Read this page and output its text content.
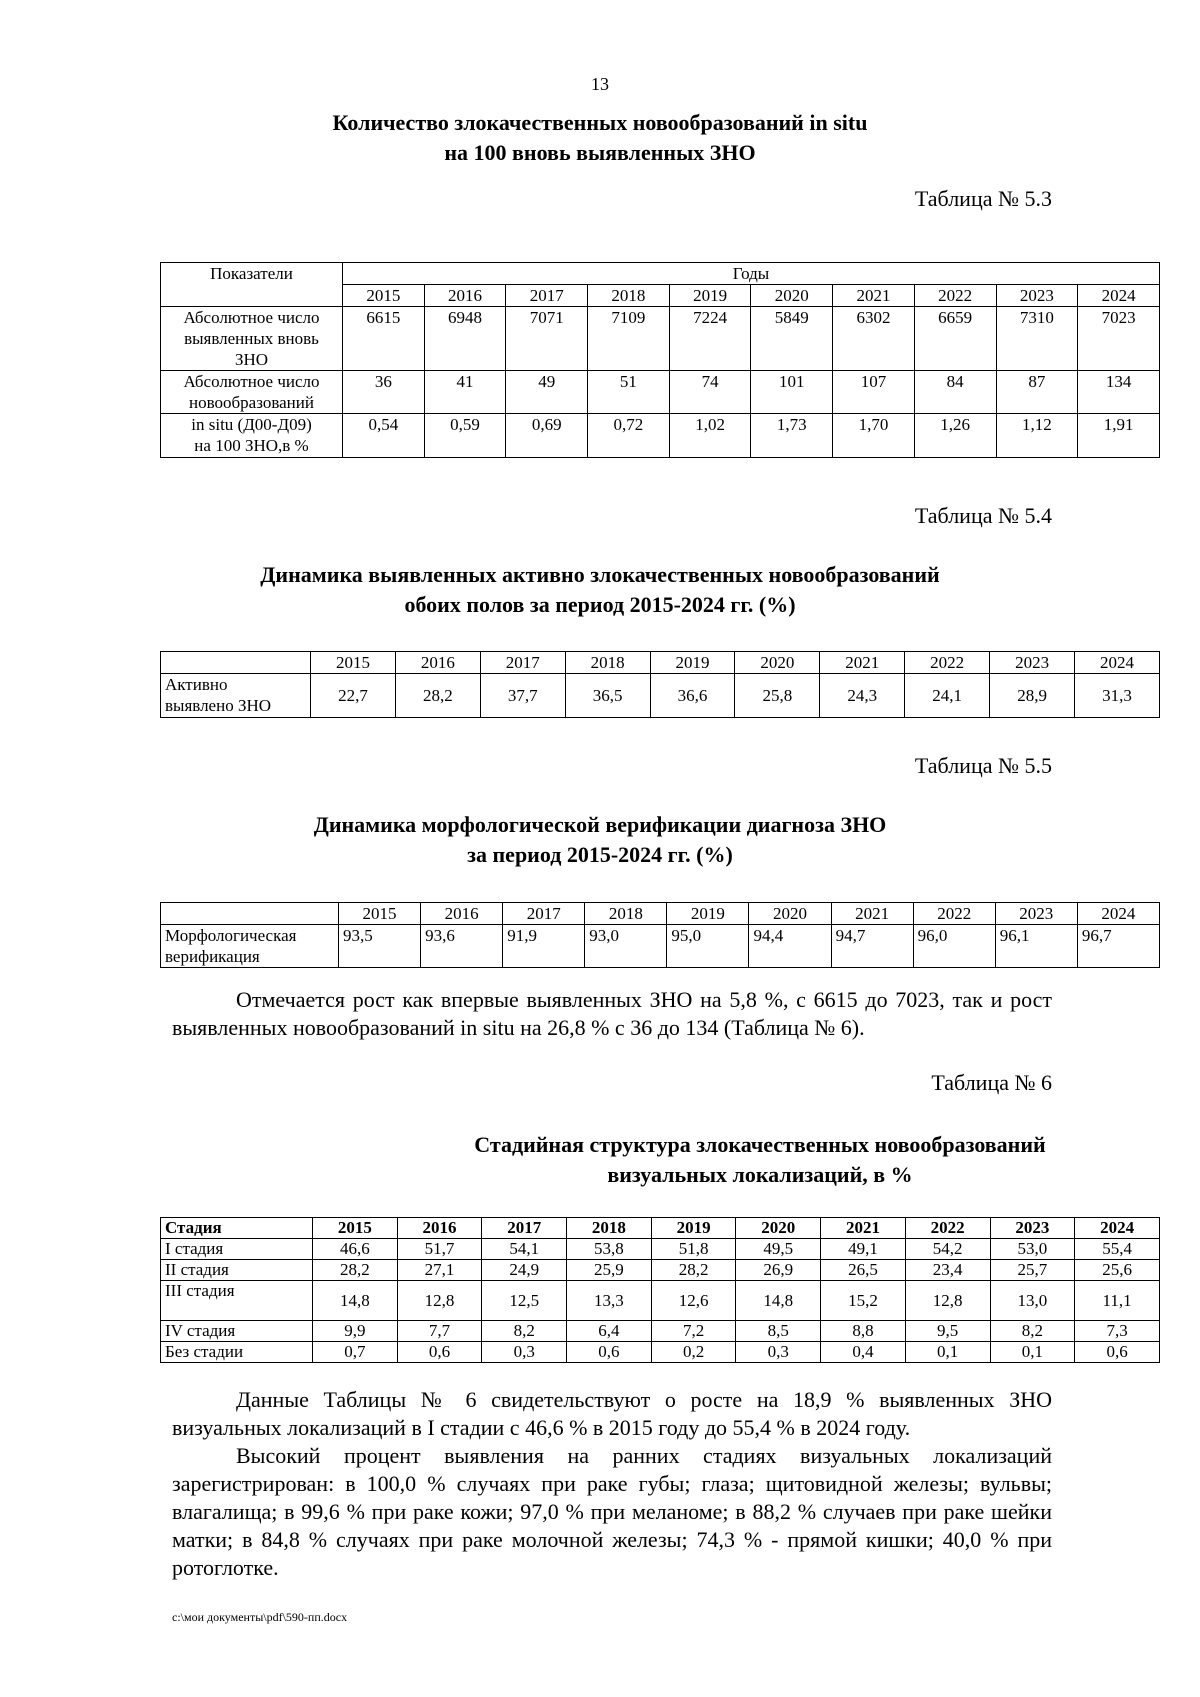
13
Количество злокачественных новообразований in situ
на 100 вновь выявленных ЗНО
Таблица № 5.3
Показатели	Годы									
	2015	2016	2017	2018	2019	2020	2021	2022	2023	2024
Абсолютное число
выявленных вновь
ЗНО	6615	6948	7071	7109	7224	5849	6302	6659	7310	7023
Абсолютное число
новообразований	36	41	49	51	74	101	107	84	87	134
in situ (Д00-Д09)
на 100 ЗНО,в %	0,54	0,59	0,69	0,72	1,02	1,73	1,70	1,26	1,12	1,91
Таблица № 5.4
Динамика выявленных активно злокачественных новообразований
обоих полов за период 2015-2024 гг. (%)
	2015	2016	2017	2018	2019	2020	2021	2022	2023	2024
Активно
выявлено ЗНО	22,7	28,2	37,7	36,5	36,6	25,8	24,3	24,1	28,9	31,3
Таблица № 5.5
Динамика морфологической верификации диагноза ЗНО
за период 2015-2024 гг. (%)
	2015	2016	2017	2018	2019	2020	2021	2022	2023	2024
Морфологическая
верификация	93,5	93,6	91,9	93,0	95,0	94,4	94,7	96,0	96,1	96,7

Отмечается рост как впервые выявленных ЗНО на 5,8 %, с 6615 до 7023, так и рост выявленных новообразований in situ на 26,8 % с 36 до 134 (Таблица № 6).

Таблица № 6
Стадийная структура злокачественных новообразований
визуальных локализаций, в %
Стадия	2015	2016	2017	2018	2019	2020	2021	2022	2023	2024
I стадия	46,6	51,7	54,1	53,8	51,8	49,5	49,1	54,2	53,0	55,4
II стадия	28,2	27,1	24,9	25,9	28,2	26,9	26,5	23,4	25,7	25,6
III стадия	14,8	12,8	12,5	13,3	12,6	14,8	15,2	12,8	13,0	11,1
IV стадия	9,9	7,7	8,2	6,4	7,2	8,5	8,8	9,5	8,2	7,3
Без стадии	0,7	0,6	0,3	0,6	0,2	0,3	0,4	0,1	0,1	0,6

Данные Таблицы № 6 свидетельствуют о росте на 18,9 % выявленных ЗНО визуальных локализаций в I стадии с 46,6 % в 2015 году до 55,4 % в 2024 году.

Высокий процент выявления на ранних стадиях визуальных локализаций зарегистрирован: в 100,0 % случаях при раке губы; глаза; щитовидной железы; вульвы; влагалища; в 99,6 % при раке кожи; 97,0 % при меланоме; в 88,2 % случаев при раке шейки матки; в 84,8 % случаях при раке молочной железы; 74,3 % - прямой кишки; 40,0 % при ротоглотке.

c:\мои документы\pdf\590-пп.docx
